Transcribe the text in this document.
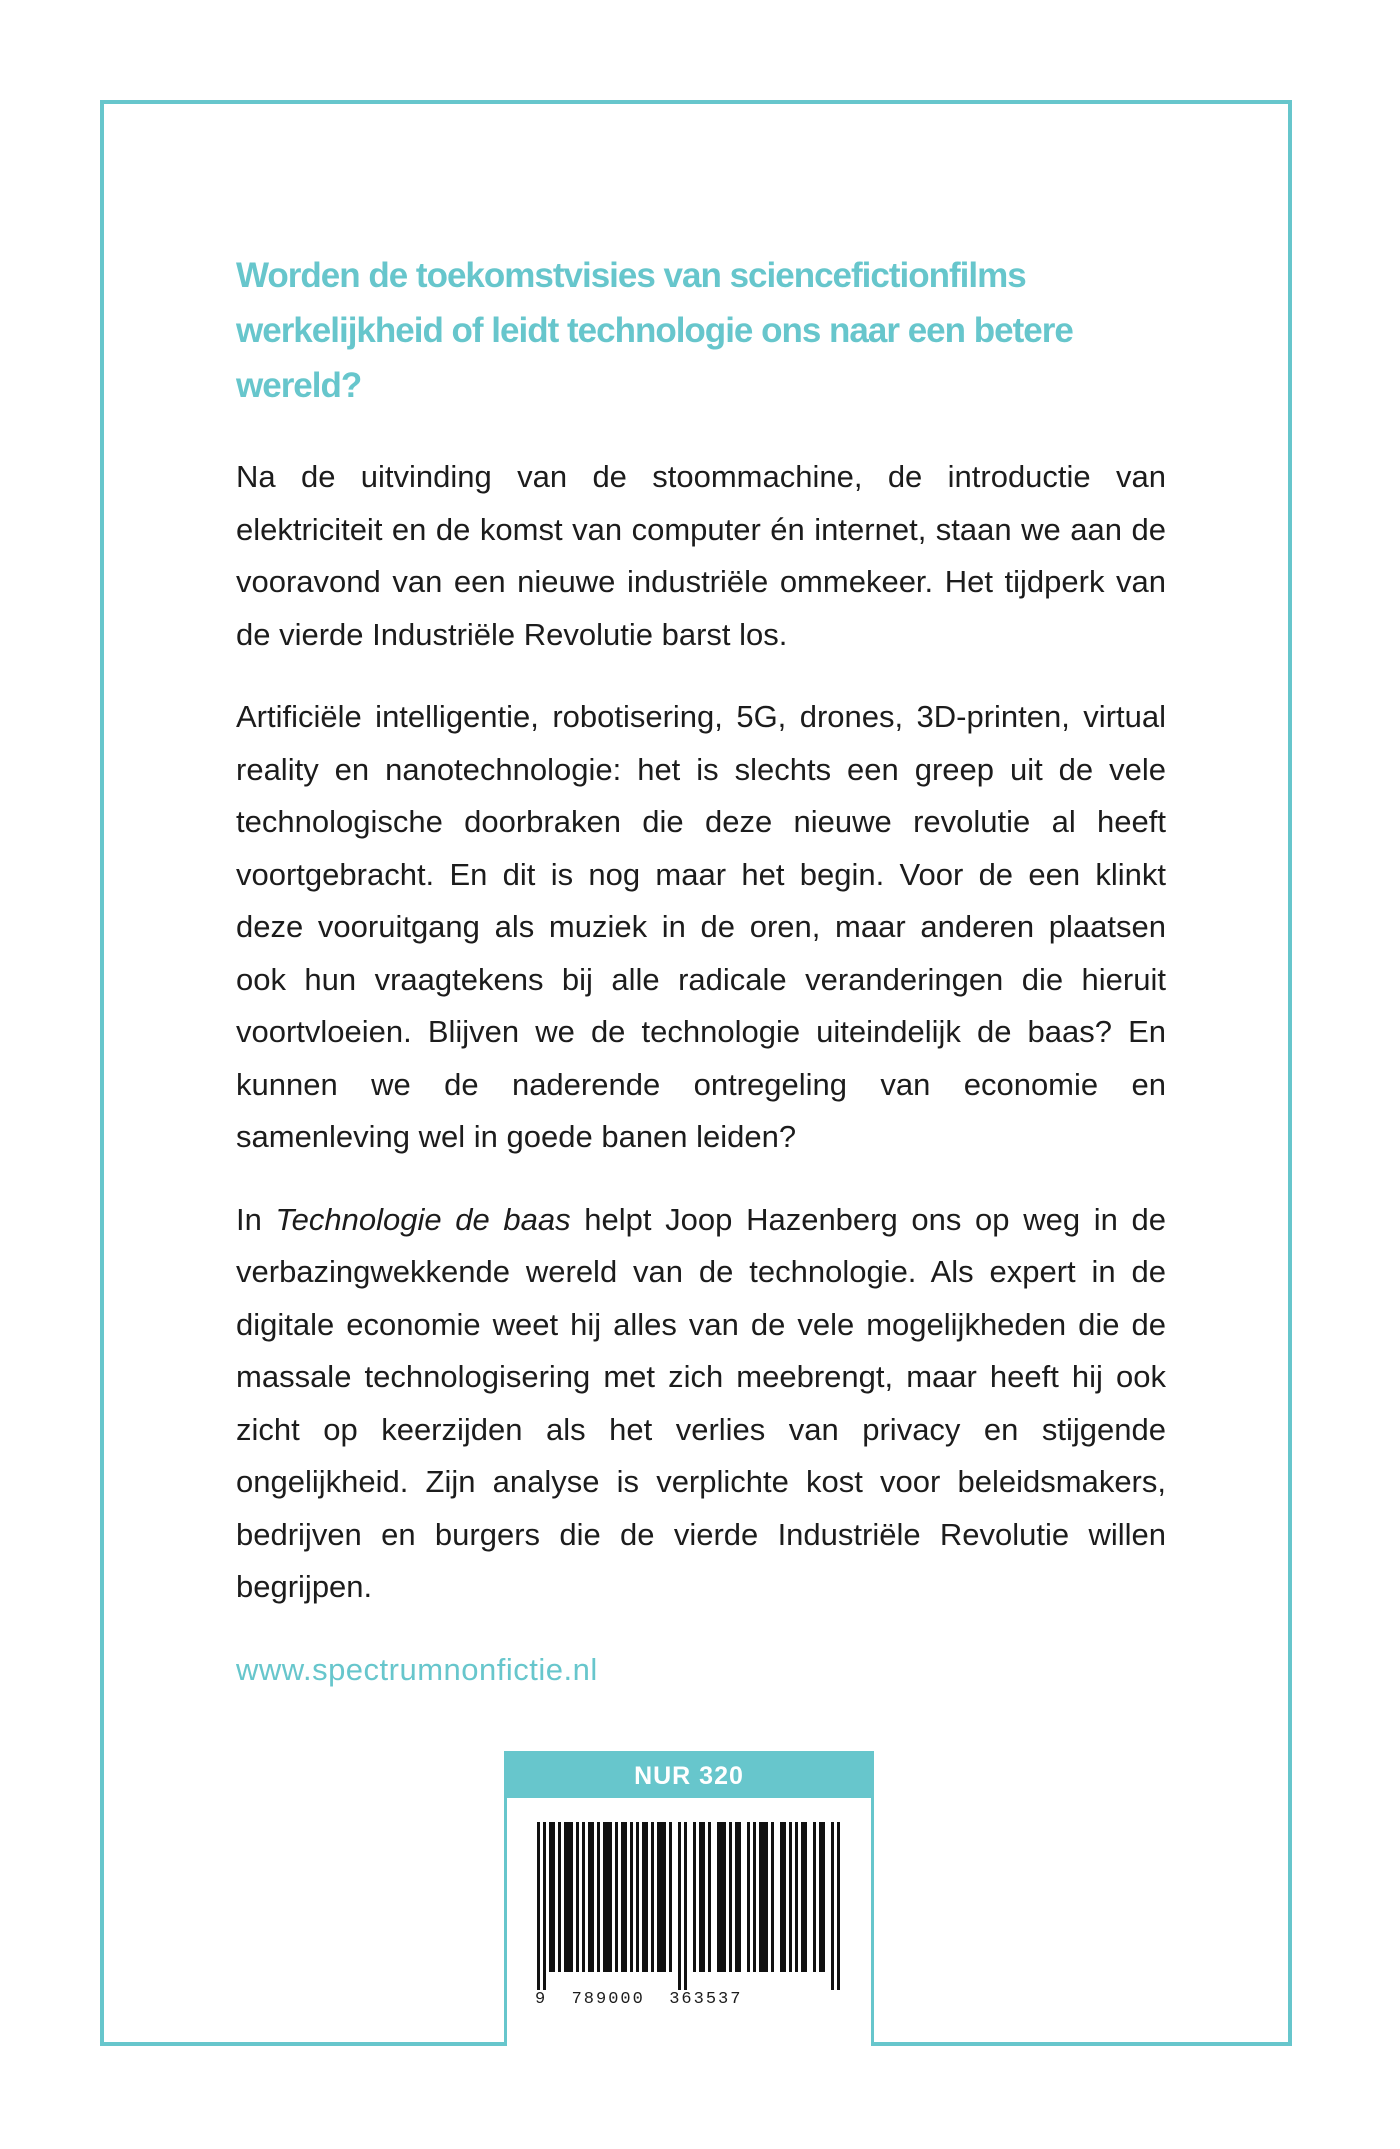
Worden de toekomstvisies van sciencefictionfilms
werkelijkheid of leidt technologie ons naar een betere wereld?

Na de uitvinding van de stoommachine, de introductie van elektriciteit en de komst van computer én internet, staan we aan de vooravond van een nieuwe industriële ommekeer. Het tijdperk van de vierde Industriële Revolutie barst los.

Artificiële intelligentie, robotisering, 5G, drones, 3D-printen, virtual reality en nanotechnologie: het is slechts een greep uit de vele technologische doorbraken die deze nieuwe revolutie al heeft voortgebracht. En dit is nog maar het begin. Voor de een klinkt deze vooruitgang als muziek in de oren, maar anderen plaatsen ook hun vraagtekens bij alle radicale veranderingen die hieruit voortvloeien. Blijven we de technologie uiteindelijk de baas? En kunnen we de naderende ontregeling van economie en samenleving wel in goede banen leiden?

In Technologie de baas helpt Joop Hazenberg ons op weg in de verbazingwekkende wereld van de technologie. Als expert in de digitale economie weet hij alles van de vele mogelijkheden die de massale technologisering met zich meebrengt, maar heeft hij ook zicht op keerzijden als het verlies van privacy en stijgende ongelijkheid. Zijn analyse is verplichte kost voor beleidsmakers, bedrijven en burgers die de vierde Industriële Revolutie willen begrijpen.

www.spectrumnonfictie.nl

NUR 320
9  789000  363537
